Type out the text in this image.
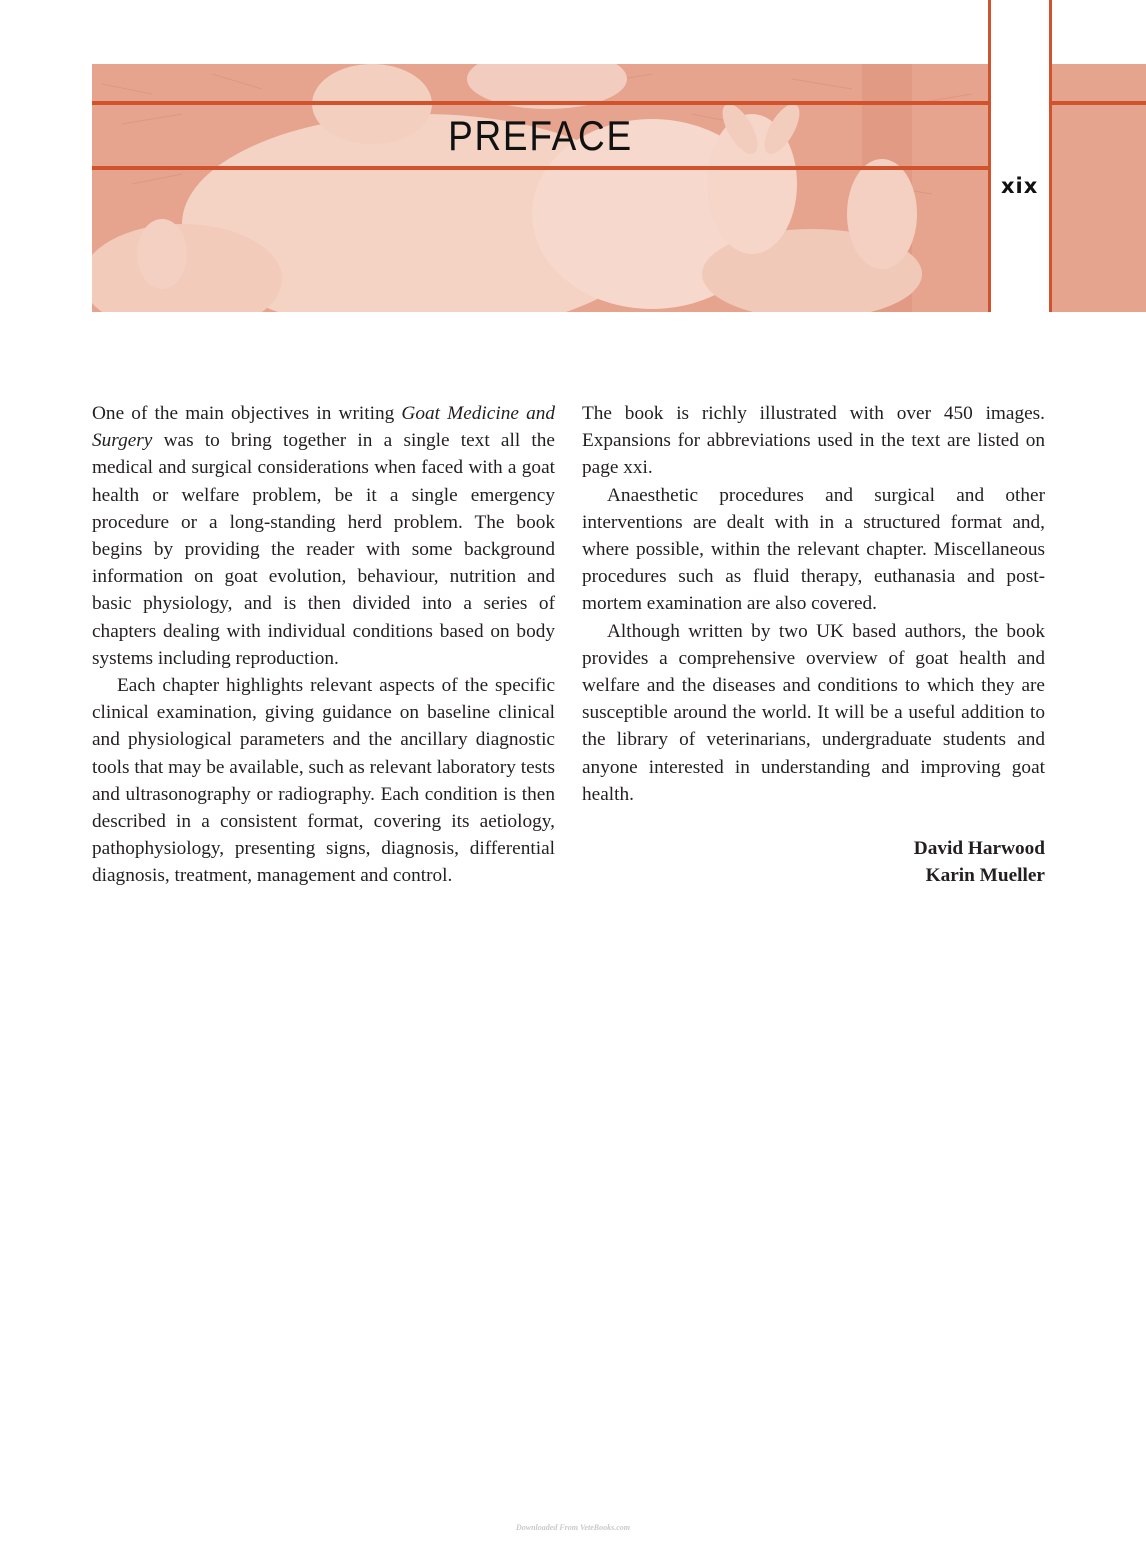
PREFACE
xix

One of the main objectives in writing Goat Medicine and Surgery was to bring together in a single text all the medical and surgical considerations when faced with a goat health or welfare problem, be it a single emergency procedure or a long-standing herd problem. The book begins by providing the reader with some background information on goat evolution, behaviour, nutrition and basic physiology, and is then divided into a series of chapters dealing with individual conditions based on body systems including reproduction.

Each chapter highlights relevant aspects of the specific clinical examination, giving guidance on baseline clinical and physiological parameters and the ancillary diagnostic tools that may be available, such as relevant laboratory tests and ultrasonography or radiography. Each condition is then described in a consistent format, covering its aetiology, pathophysiology, presenting signs, diagnosis, differential diagnosis, treatment, management and control.

The book is richly illustrated with over 450 images. Expansions for abbreviations used in the text are listed on page xxi.

Anaesthetic procedures and surgical and other interventions are dealt with in a structured format and, where possible, within the relevant chapter. Miscellaneous procedures such as fluid therapy, euthanasia and post-mortem examination are also covered.

Although written by two UK based authors, the book provides a comprehensive overview of goat health and welfare and the diseases and conditions to which they are susceptible around the world. It will be a useful addition to the library of veterinarians, undergraduate students and anyone interested in understanding and improving goat health.

David Harwood
Karin Mueller
Downloaded From VeteBooks.com
